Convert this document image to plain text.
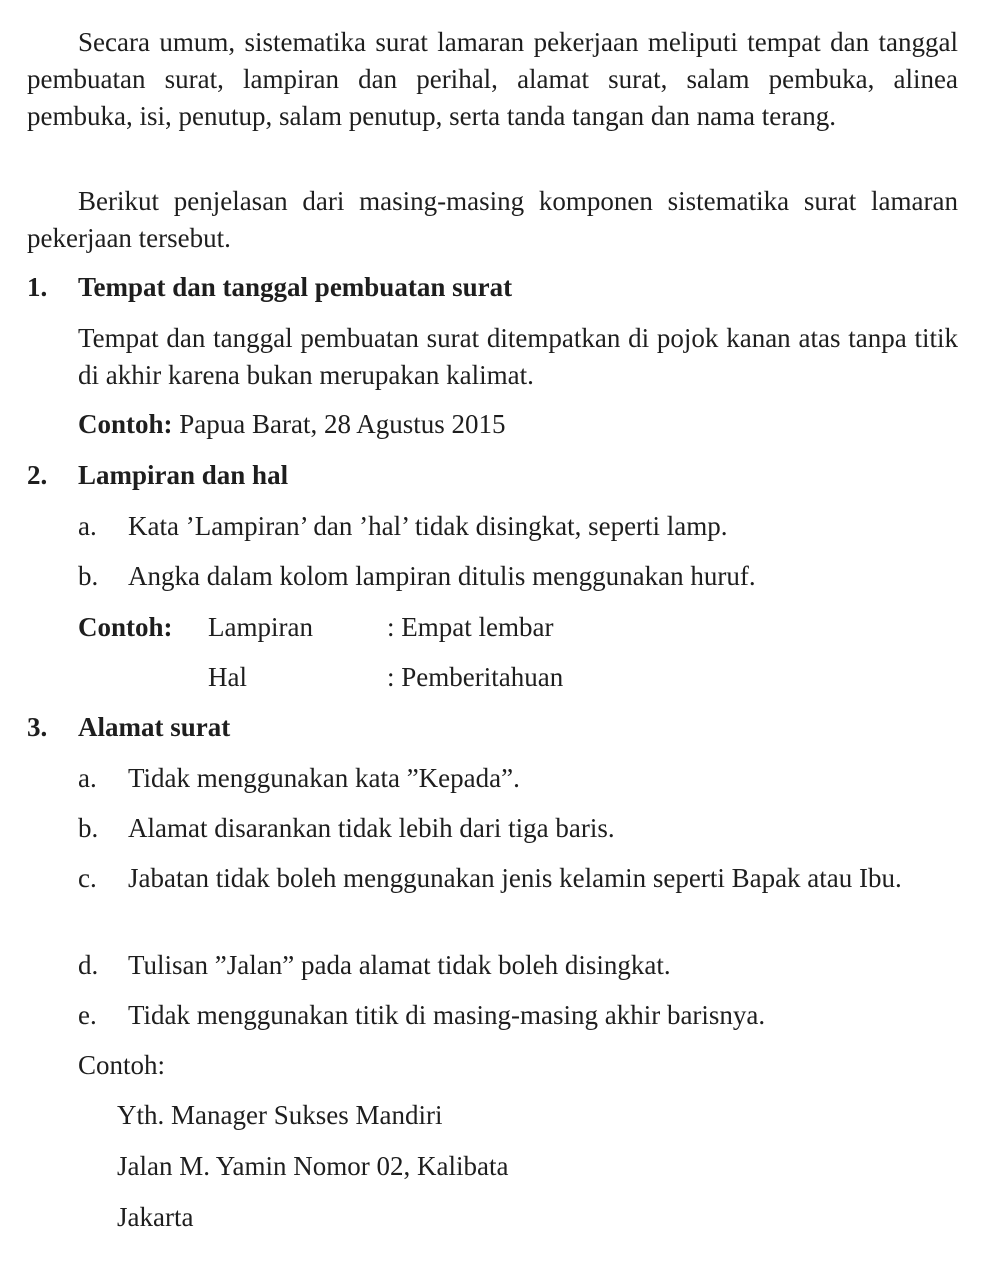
Secara umum, sistematika surat lamaran pekerjaan meliputi tempat dan tanggal pembuatan surat, lampiran dan perihal, alamat surat, salam pembuka, alinea pembuka, isi, penutup, salam penutup, serta tanda tangan dan nama terang.

Berikut penjelasan dari masing-masing komponen sistematika surat lamaran pekerjaan tersebut.

1. Tempat dan tanggal pembuatan surat

Tempat dan tanggal pembuatan surat ditempatkan di pojok kanan atas tanpa titik di akhir karena bukan merupakan kalimat.

Contoh: Papua Barat, 28 Agustus 2015

2. Lampiran dan hal

a.	Kata ’Lampiran’ dan ’hal’ tidak disingkat, seperti lamp.
b.	Angka dalam kolom lampiran ditulis menggunakan huruf.

Contoh: Lampiran	: Empat lembar

Hal	: Pemberitahuan

3. Alamat surat

a.	Tidak menggunakan kata ”Kepada”.
b.	Alamat disarankan tidak lebih dari tiga baris.
c.	Jabatan tidak boleh menggunakan jenis kelamin seperti Bapak atau Ibu.
d.	Tulisan ”Jalan” pada alamat tidak boleh disingkat.
e.	Tidak menggunakan titik di masing-masing akhir barisnya.

Contoh:

Yth. Manager Sukses Mandiri

Jalan M. Yamin Nomor 02, Kalibata

Jakarta
